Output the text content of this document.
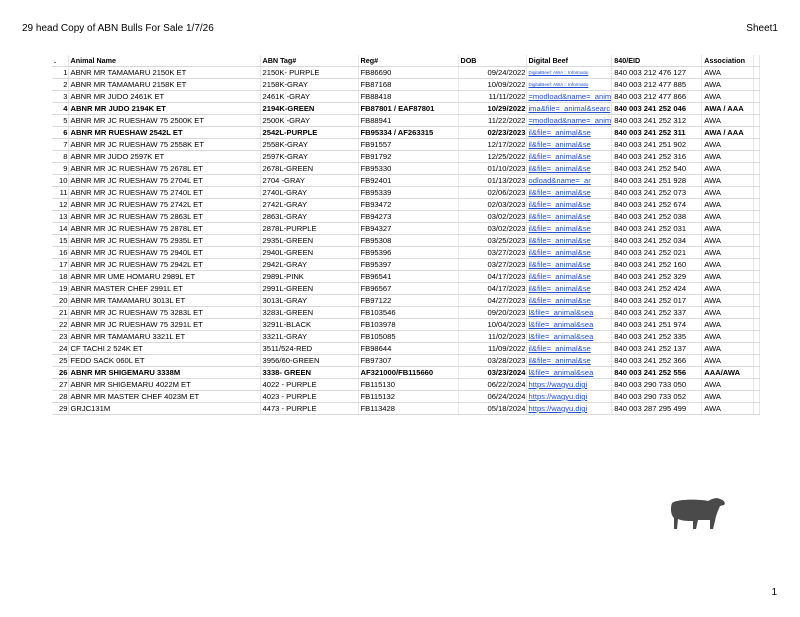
29 head Copy of ABN Bulls For Sale 1/7/26	Sheet1
.	Animal Name	ABN Tag#	Reg#	DOB	Digital Beef	840/EID	Association	
1	ABNR MR TAMAMARU 2150K ET	2150K- PURPLE	FB86690	09/24/2022	DigitalBeef: AWA :: Informatio	840 003 212 476 127	AWA	
2	ABNR MR TAMAMARU 2158K ET	2158K-GRAY	FB87168	10/09/2022	DigitalBeef: AWA :: Informatio	840 003 212 477 885	AWA	
3	ABNR MR JUDO 2461K ET	2461K -GRAY	FB88418	11/11/2022	=modload&name=_anim	840 003 212 477 866	AWA	
4	ABNR MR JUDO 2194K ET	2194K-GREEN	FB87801 / EAF87801	10/29/2022	ima&file=_animal&searc	840 003 241 252 046	AWA / AAA	
5	ABNR MR JC RUESHAW 75 2500K ET	2500K -GRAY	FB88941	11/22/2022	=modload&name=_anim	840 003 241 252 312	AWA	
6	ABNR MR RUESHAW 2542L ET	2542L-PURPLE	FB95334 / AF263315	02/23/2023	il&file=_animal&se	840 003 241 252 311	AWA / AAA	
7	ABNR MR JC RUESHAW 75 2558K ET	2558K-GRAY	FB91557	12/17/2022	il&file=_animal&se	840 003 241 251 902	AWA	
8	ABNR MR JUDO 2597K ET	2597K-GRAY	FB91792	12/25/2022	il&file=_animal&se	840 003 241 252 316	AWA	
9	ABNR MR JC RUESHAW 75 2678L ET	2678L-GREEN	FB95330	01/10/2023	il&file=_animal&se	840 003 241 252 540	AWA	
10	ABNR MR JC RUESHAW 75 2704L ET	2704 -GRAY	FB92401	01/13/2023	odload&name=_ar	840 003 241 251 928	AWA	
11	ABNR MR JC RUESHAW 75 2740L ET	2740L-GRAY	FB95339	02/06/2023	il&file=_animal&se	840 003 241 252 073	AWA	
12	ABNR MR JC RUESHAW 75 2742L ET	2742L-GRAY	FB93472	02/03/2023	il&file=_animal&se	840 003 241 252 674	AWA	
13	ABNR MR JC RUESHAW 75 2863L ET	2863L-GRAY	FB94273	03/02/2023	il&file=_animal&se	840 003 241 252 038	AWA	
14	ABNR MR JC RUESHAW 75 2878L ET	2878L-PURPLE	FB94327	03/02/2023	il&file=_animal&se	840 003 241 252 031	AWA	
15	ABNR MR JC RUESHAW 75 2935L ET	2935L-GREEN	FB95308	03/25/2023	il&file=_animal&se	840 003 241 252 034	AWA	
16	ABNR MR JC RUESHAW 75 2940L ET	2940L-GREEN	FB95396	03/27/2023	il&file=_animal&se	840 003 241 252 021	AWA	
17	ABNR MR JC RUESHAW 75 2942L ET	2942L-GRAY	FB95397	03/27/2023	il&file=_animal&se	840 003 241 252 160	AWA	
18	ABNR MR UME HOMARU 2989L ET	2989L-PINK	FB96541	04/17/2023	il&file=_animal&se	840 003 241 252 329	AWA	
19	ABNR MASTER CHEF 2991L ET	2991L-GREEN	FB96567	04/17/2023	il&file=_animal&se	840 003 241 252 424	AWA	
20	ABNR MR TAMAMARU 3013L ET	3013L-GRAY	FB97122	04/27/2023	il&file=_animal&se	840 003 241 252 017	AWA	
21	ABNR MR JC RUESHAW 75 3283L ET	3283L-GREEN	FB103546	09/20/2023	l&file=_animal&sea	840 003 241 252 337	AWA	
22	ABNR MR JC RUESHAW 75 3291L ET	3291L-BLACK	FB103978	10/04/2023	l&file=_animal&sea	840 003 241 251 974	AWA	
23	ABNR MR TAMAMARU 3321L ET	3321L-GRAY	FB105085	11/02/2023	l&file=_animal&sea	840 003 241 252 335	AWA	
24	CF TACHI 2 524K ET	3511/524-RED	FB98644	11/09/2022	il&file=_animal&se	840 003 241 252 137	AWA	
25	FEDD SACK 060L ET	3956/60-GREEN	FB97307	03/28/2023	il&file=_animal&se	840 003 241 252 366	AWA	
26	ABNR MR SHIGEMARU 3338M	3338- GREEN	AF321000/FB115660	03/23/2024	l&file=_animal&sea	840 003 241 252 556	AAA/AWA	
27	ABNR MR SHIGEMARU 4022M ET	4022 - PURPLE	FB115130	06/22/2024	https://wagyu.digi	840 003 290 733 050	AWA	
28	ABNR MR MASTER CHEF 4023M ET	4023 - PURPLE	FB115132	06/24/2024	https://wagyu.digi	840 003 290 733 052	AWA	
29	GRJC131M	4473 - PURPLE	FB113428	05/18/2024	https://wagyu.digi	840 003 287 295 499	AWA	
1
